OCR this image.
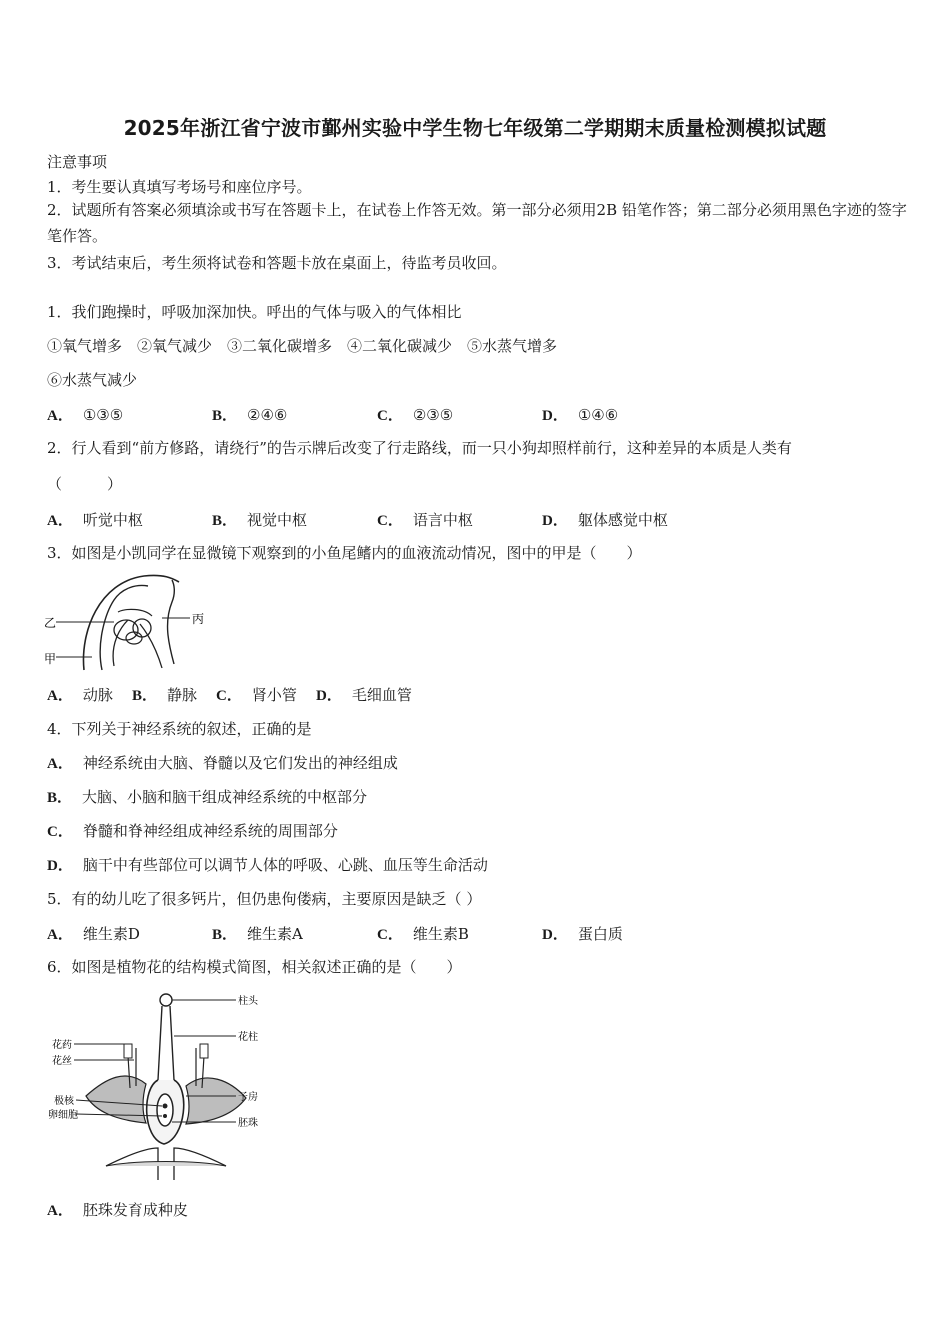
2025年浙江省宁波市鄞州实验中学生物七年级第二学期期末质量检测模拟试题
注意事项
1．考生要认真填写考场号和座位序号。
2．试题所有答案必须填涂或书写在答题卡上，在试卷上作答无效。第一部分必须用2B 铅笔作答；第二部分必须用黑色字迹的签字笔作答。
3．考试结束后，考生须将试卷和答题卡放在桌面上，待监考员收回。
1．我们跑操时，呼吸加深加快。呼出的气体与吸入的气体相比
①氧气增多　②氧气减少　③二氧化碳增多　④二氧化碳减少　⑤水蒸气增多
⑥水蒸气减少
A． ①③⑤	B． ②④⑥	C． ②③⑤	D． ①④⑥
2．行人看到“前方修路，请绕行”的告示牌后改变了行走路线，而一只小狗却照样前行，这种差异的本质是人类有
（　　　）
A． 听觉中枢	B． 视觉中枢	C． 语言中枢	D． 躯体感觉中枢
3．如图是小凯同学在显微镜下观察到的小鱼尾鳍内的血液流动情况，图中的甲是（　　）
乙
甲
丙
A． 动脉 B． 静脉 C． 肾小管 D． 毛细血管
4．下列关于神经系统的叙述，正确的是
A． 神经系统由大脑、脊髓以及它们发出的神经组成
B． 大脑、小脑和脑干组成神经系统的中枢部分
C． 脊髓和脊神经组成神经系统的周围部分
D． 脑干中有些部位可以调节人体的呼吸、心跳、血压等生命活动
5．有的幼儿吃了很多钙片，但仍患佝偻病，主要原因是缺乏（ ）
A． 维生素D	B． 维生素A	C． 维生素B	D． 蛋白质
6．如图是植物花的结构模式简图，相关叙述正确的是（　　）
柱头
花柱
子房
胚珠
花药
花丝
极核
卵细胞
A． 胚珠发育成种皮
